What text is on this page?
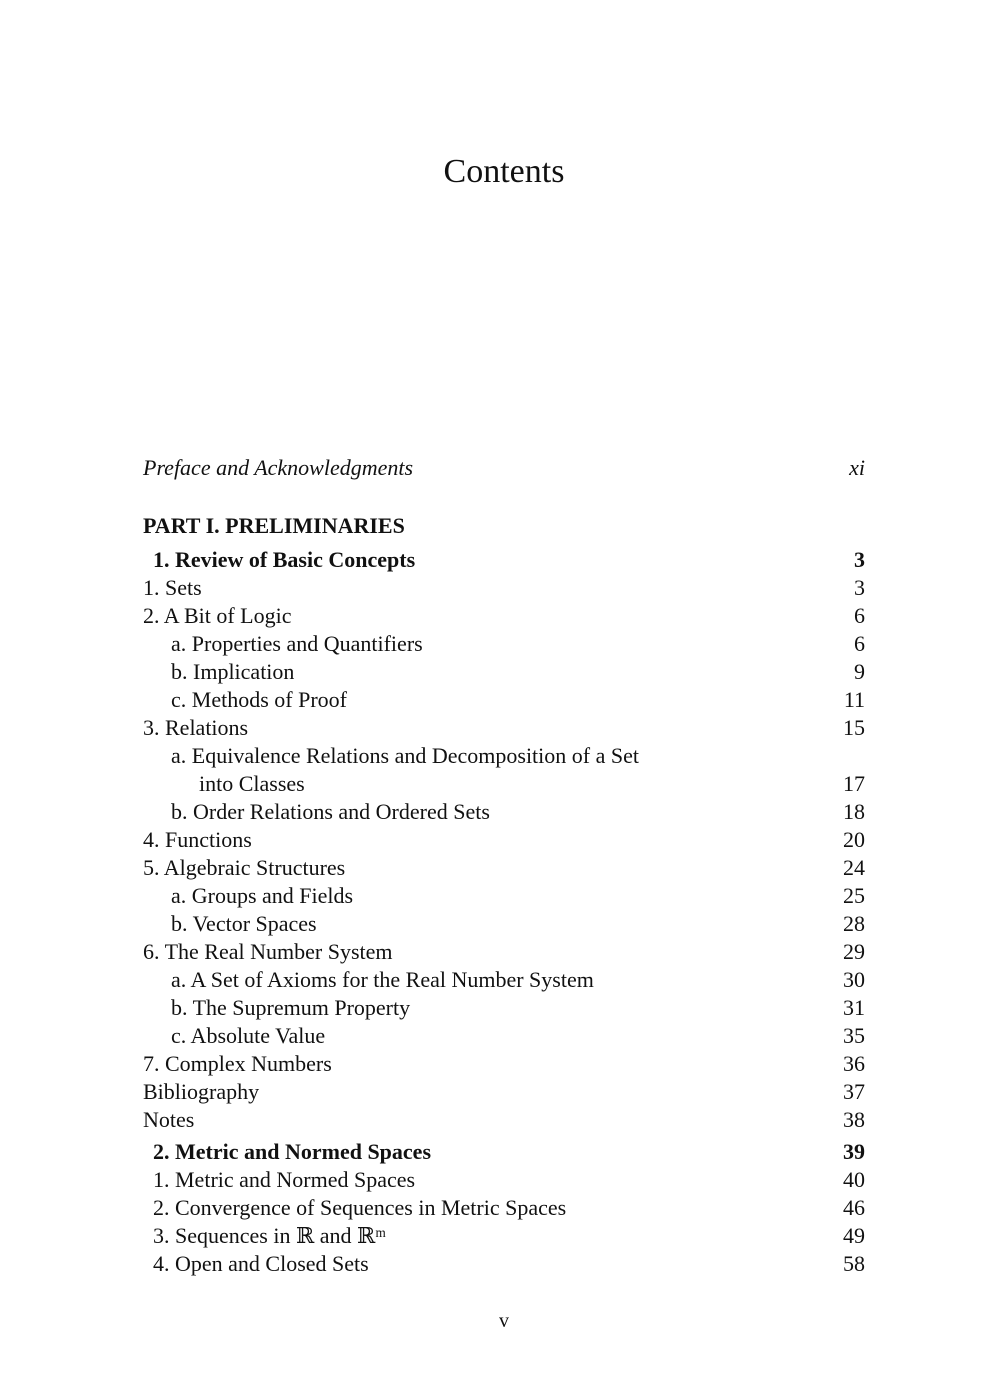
Contents
Preface and Acknowledgments	xi
PART I. PRELIMINARIES
1. Review of Basic Concepts	3
1. Sets	3
2. A Bit of Logic	6
a. Properties and Quantifiers	6
b. Implication	9
c. Methods of Proof	11
3. Relations	15
a. Equivalence Relations and Decomposition of a Set
into Classes	17
b. Order Relations and Ordered Sets	18
4. Functions	20
5. Algebraic Structures	24
a. Groups and Fields	25
b. Vector Spaces	28
6. The Real Number System	29
a. A Set of Axioms for the Real Number System	30
b. The Supremum Property	31
c. Absolute Value	35
7. Complex Numbers	36
Bibliography	37
Notes	38
2. Metric and Normed Spaces	39
1. Metric and Normed Spaces	40
2. Convergence of Sequences in Metric Spaces	46
3. Sequences in ℝ and ℝᵐ	49
4. Open and Closed Sets	58
v
